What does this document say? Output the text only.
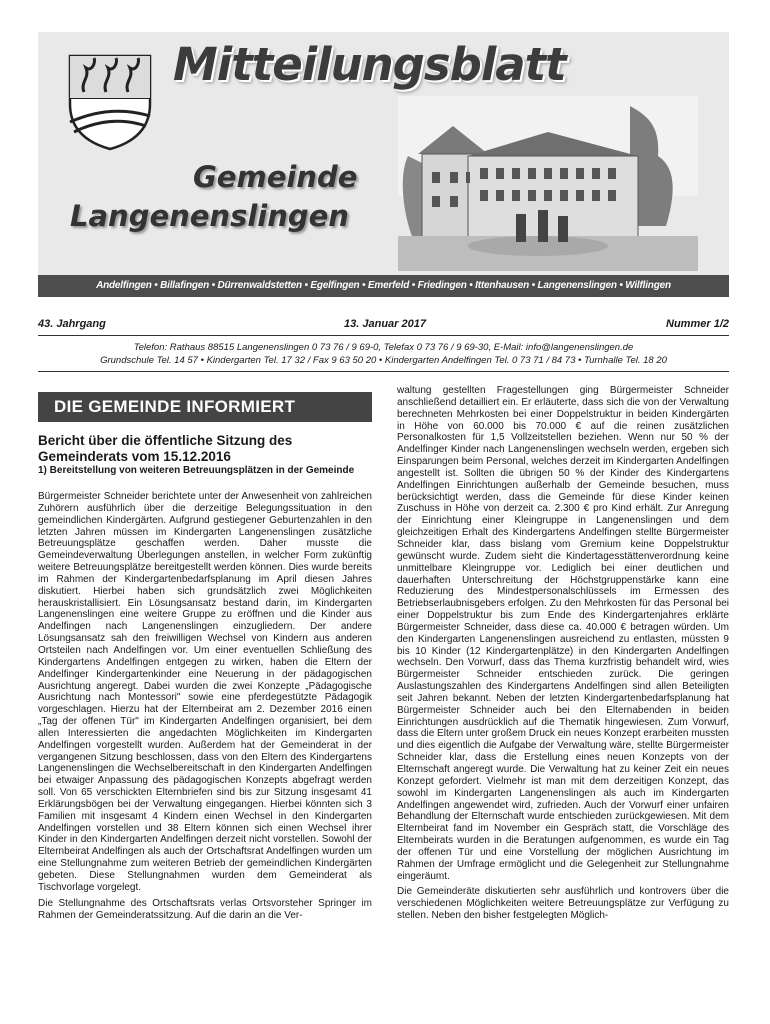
Mitteilungsblatt
Gemeinde
Langenenslingen
Andelfingen • Billafingen • Dürrenwaldstetten • Egelfingen • Emerfeld • Friedingen • Ittenhausen • Langenenslingen • Wilflingen
43. Jahrgang	13. Januar 2017	Nummer 1/2
Telefon: Rathaus 88515 Langenenslingen 0 73 76 / 9 69-0, Telefax 0 73 76 / 9 69-30, E-Mail: info@langenenslingen.de
Grundschule Tel. 14 57 • Kindergarten Tel. 17 32 / Fax 9 63 50 20 • Kindergarten Andelfingen Tel. 0 73 71 / 84 73 • Turnhalle Tel. 18 20
DIE GEMEINDE INFORMIERT
Bericht über die öffentliche Sitzung des Gemeinderats vom 15.12.2016
1) Bereitstellung von weiteren Betreuungsplätzen in der Gemeinde

Bürgermeister Schneider berichtete unter der Anwesenheit von zahlreichen Zuhörern ausführlich über die derzeitige Belegungssituation in den gemeindlichen Kindergärten. Aufgrund gestiegener Geburtenzahlen in den letzten Jahren müssen im Kindergarten Langenenslingen zusätzliche Betreuungsplätze geschaffen werden. Daher musste die Gemeindeverwaltung Überlegungen anstellen, in welcher Form zukünftig weitere Betreuungsplätze bereitgestellt werden können. Dies wurde bereits im Rahmen der Kindergartenbedarfsplanung im April diesen Jahres diskutiert. Hierbei haben sich grundsätzlich zwei Möglichkeiten herauskristallisiert. Ein Lösungsansatz bestand darin, im Kindergarten Langenenslingen eine weitere Gruppe zu eröffnen und die Kinder aus Andelfingen nach Langenenslingen einzugliedern. Der andere Lösungsansatz sah den freiwilligen Wechsel von Kindern aus anderen Ortsteilen nach Andelfingen vor. Um einer eventuellen Schließung des Kindergartens Andelfingen entgegen zu wirken, haben die Eltern der Andelfinger Kindergartenkinder eine Neuerung in der pädagogischen Ausrichtung angeregt. Dabei wurden die zwei Konzepte „Pädagogische Ausrichtung nach Montessori" sowie eine pferdegestützte Pädagogik vorgeschlagen. Hierzu hat der Elternbeirat am 2. Dezember 2016 einen „Tag der offenen Tür" im Kindergarten Andelfingen organisiert, bei dem allen Interessierten die angedachten Möglichkeiten im Kindergarten Andelfingen vorgestellt wurden. Außerdem hat der Gemeinderat in der vergangenen Sitzung beschlossen, dass von den Eltern des Kindergartens Langenenslingen die Wechselbereitschaft in den Kindergarten Andelfingen bei etwaiger Anpassung des pädagogischen Konzepts abgefragt werden soll. Von 65 verschickten Elternbriefen sind bis zur Sitzung insgesamt 41 Erklärungsbögen bei der Verwaltung eingegangen. Hierbei könnten sich 3 Familien mit insgesamt 4 Kindern einen Wechsel in den Kindergarten Andelfingen vorstellen und 38 Eltern können sich einen Wechsel ihrer Kinder in den Kindergarten Andelfingen derzeit nicht vorstellen. Sowohl der Elternbeirat Andelfingen als auch der Ortschaftsrat Andelfingen wurden um eine Stellungnahme zum weiteren Betrieb der gemeindlichen Kindergärten gebeten. Diese Stellungnahmen wurden dem Gemeinderat als Tischvorlage vorgelegt.

Die Stellungnahme des Ortschaftsrats verlas Ortsvorsteher Springer im Rahmen der Gemeinderatssitzung. Auf die darin an die Ver-

waltung gestellten Fragestellungen ging Bürgermeister Schneider anschließend detailliert ein. Er erläuterte, dass sich die von der Verwaltung berechneten Mehrkosten bei einer Doppelstruktur in beiden Kindergärten in Höhe von 60.000 bis 70.000 € auf die reinen zusätzlichen Personalkosten für 1,5 Vollzeitstellen beziehen. Wenn nur 50 % der Andelfinger Kinder nach Langenenslingen wechseln werden, ergeben sich Einsparungen beim Personal, welches derzeit im Kindergarten Andelfingen angestellt ist. Sollten die übrigen 50 % der Kinder des Kindergartens Andelfingen Einrichtungen außerhalb der Gemeinde besuchen, muss berücksichtigt werden, dass die Gemeinde für diese Kinder keinen Zuschuss in Höhe von derzeit ca. 2.300 € pro Kind erhält. Zur Anregung der Einrichtung einer Kleingruppe in Langenenslingen und dem gleichzeitigen Erhalt des Kindergartens Andelfingen stellte Bürgermeister Schneider klar, dass bislang vom Gremium keine Doppelstruktur gewünscht wurde. Zudem sieht die Kindertagesstättenverordnung keine unmittelbare Kleingruppe vor. Lediglich bei einer deutlichen und dauerhaften Unterschreitung der Höchstgruppenstärke kann eine Reduzierung des Mindestpersonalschlüssels im Ermessen des Betriebserlaubnisgebers erfolgen. Zu den Mehrkosten für das Personal bei einer Doppelstruktur bis zum Ende des Kindergartenjahres erklärte Bürgermeister Schneider, dass diese ca. 40.000 € betragen würden. Um den Kindergarten Langenenslingen ausreichend zu entlasten, müssten 9 bis 10 Kinder (12 Kindergartenplätze) in den Kindergarten Andelfingen wechseln. Den Vorwurf, dass das Thema kurzfristig behandelt wird, wies Bürgermeister Schneider entschieden zurück. Die geringen Auslastungszahlen des Kindergartens Andelfingen sind allen Beteiligten seit Jahren bekannt. Neben der letzten Kindergartenbedarfsplanung hat Bürgermeister Schneider auch bei den Elternabenden in beiden Einrichtungen ausdrücklich auf die Thematik hingewiesen. Zum Vorwurf, dass die Eltern unter großem Druck ein neues Konzept erarbeiten mussten und dies eigentlich die Aufgabe der Verwaltung wäre, stellte Bürgermeister Schneider klar, dass die Erstellung eines neuen Konzepts von der Elternschaft angeregt wurde. Die Verwaltung hat zu keiner Zeit ein neues Konzept gefordert. Vielmehr ist man mit dem derzeitigen Konzept, das sowohl im Kindergarten Langenenslingen als auch im Kindergarten Andelfingen angewendet wird, zufrieden. Auch der Vorwurf einer unfairen Behandlung der Elternschaft wurde entschieden zurückgewiesen. Mit dem Elternbeirat fand im November ein Gespräch statt, die Vorschläge des Elternbeirats wurden in die Beratungen aufgenommen, es wurde ein Tag der offenen Tür und eine Vorstellung der möglichen Ausrichtung im Rahmen der Umfrage ermöglicht und die Gelegenheit zur Stellungnahme eingeräumt.

Die Gemeinderäte diskutierten sehr ausführlich und kontrovers über die verschiedenen Möglichkeiten weitere Betreuungsplätze zur Verfügung zu stellen. Neben den bisher festgelegten Möglich-
